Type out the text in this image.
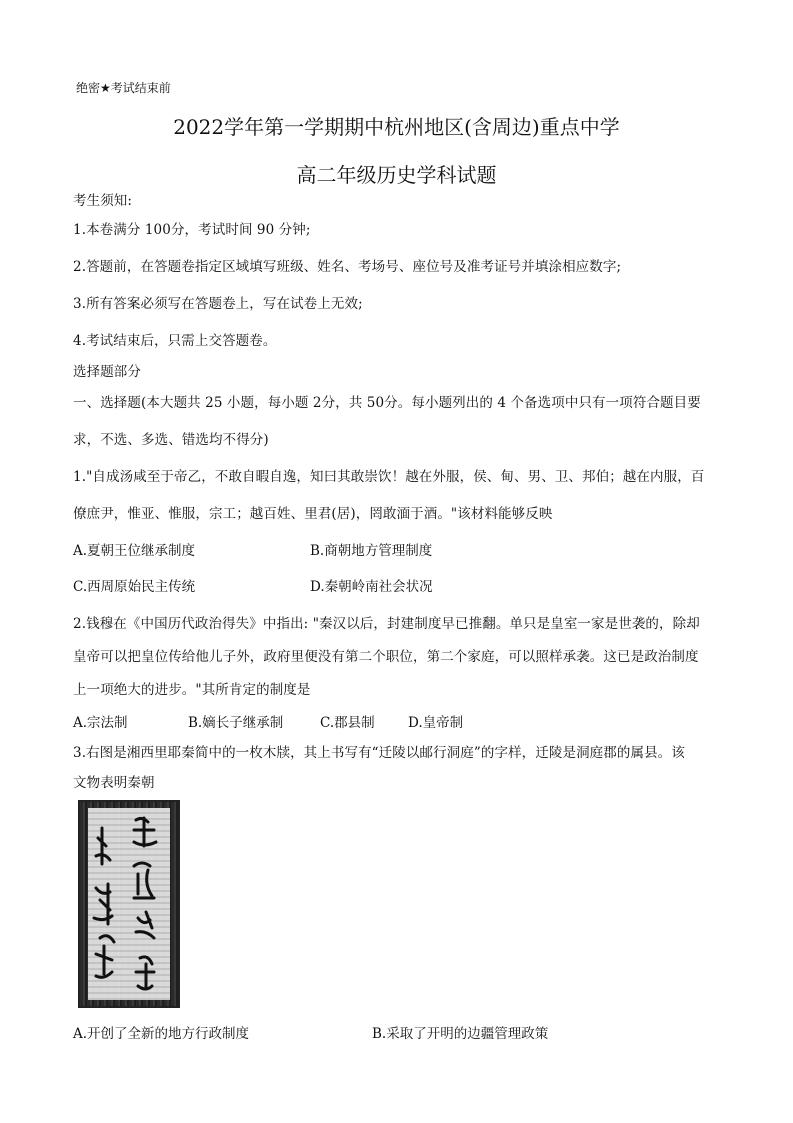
绝密★考试结束前
2022学年第一学期期中杭州地区(含周边)重点中学
高二年级历史学科试题
考生须知:
1.本卷满分 100分，考试时间 90 分钟;
2.答题前，在答题卷指定区域填写班级、姓名、考场号、座位号及准考证号并填涂相应数字;
3.所有答案必须写在答题卷上，写在试卷上无效;
4.考试结束后，只需上交答题卷。
选择题部分
一、选择题(本大题共 25 小题，每小题 2分，共 50分。每小题列出的 4 个备选项中只有一项符合题目要
求，不选、多选、错选均不得分)
1."自成汤咸至于帝乙，不敢自暇自逸，知曰其敢崇饮！越在外服，侯、甸、男、卫、邦伯；越在内服，百
僚庶尹，惟亚、惟服，宗工；越百姓、里君(居)，罔敢湎于酒。"该材料能够反映
A.夏朝王位继承制度	B.商朝地方管理制度
C.西周原始民主传统	D.秦朝岭南社会状况
2.钱穆在《中国历代政治得失》中指出: "秦汉以后，封建制度早已推翻。单只是皇室一家是世袭的，除却
皇帝可以把皇位传给他儿子外，政府里便没有第二个职位，第二个家庭，可以照样承袭。这已是政治制度
上一项绝大的进步。"其所肯定的制度是
A.宗法制	B.嫡长子继承制	C.郡县制 D.皇帝制
3.右图是湘西里耶秦简中的一枚木牍，其上书写有“迁陵以邮行洞庭”的字样，迁陵是洞庭郡的属县。该
文物表明秦朝
A.开创了全新的地方行政制度	B.采取了开明的边疆管理政策
